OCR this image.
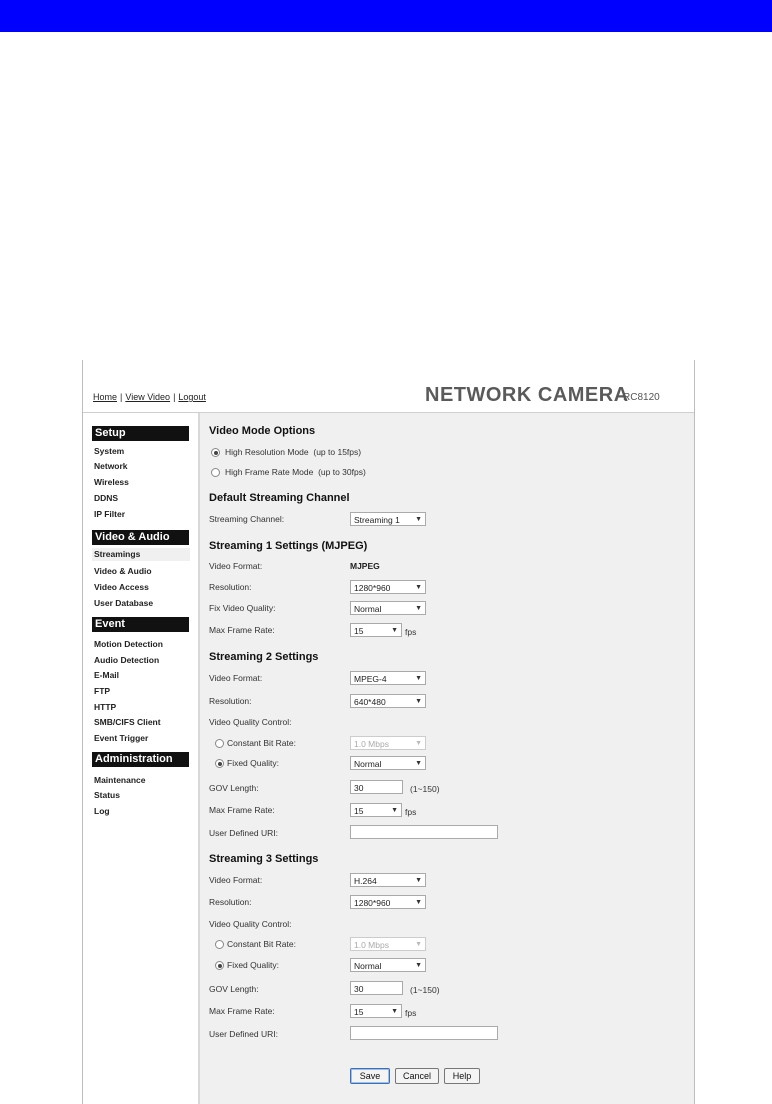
Home | View Video | Logout	NETWORK CAMERA
RC8120
Setup
System
Network
Wireless
DDNS
IP Filter
Video & Audio
Streamings
Video & Audio
Video Access
User Database
Event
Motion Detection
Audio Detection
E-Mail
FTP
HTTP
SMB/CIFS Client
Event Trigger
Administration
Maintenance
Status
Log
Video Mode Options
High Resolution Mode (up to 15fps)
High Frame Rate Mode (up to 30fps)
Default Streaming Channel
Streaming Channel:	Streaming 1 ▼
Streaming 1 Settings (MJPEG)
Video Format:	MJPEG
Resolution:	1280*960	▼
Fix Video Quality:	Normal	▼
Max Frame Rate:	15	▼ fps
Streaming 2 Settings
Video Format:	MPEG-4	▼
Resolution:	640*480	▼
Video Quality Control:
Constant Bit Rate:	1.0 Mbps	▼
Fixed Quality:	Normal	▼
GOV Length:	30	(1~150)
Max Frame Rate:	15	▼ fps
User Defined URI:
Streaming 3 Settings
Video Format:	H.264	▼
Resolution:	1280*960	▼
Video Quality Control:
Constant Bit Rate:	1.0 Mbps	▼
Fixed Quality:	Normal	▼
GOV Length:	30	(1~150)
Max Frame Rate:	15	▼ fps
User Defined URI:
Save	Cancel	Help
